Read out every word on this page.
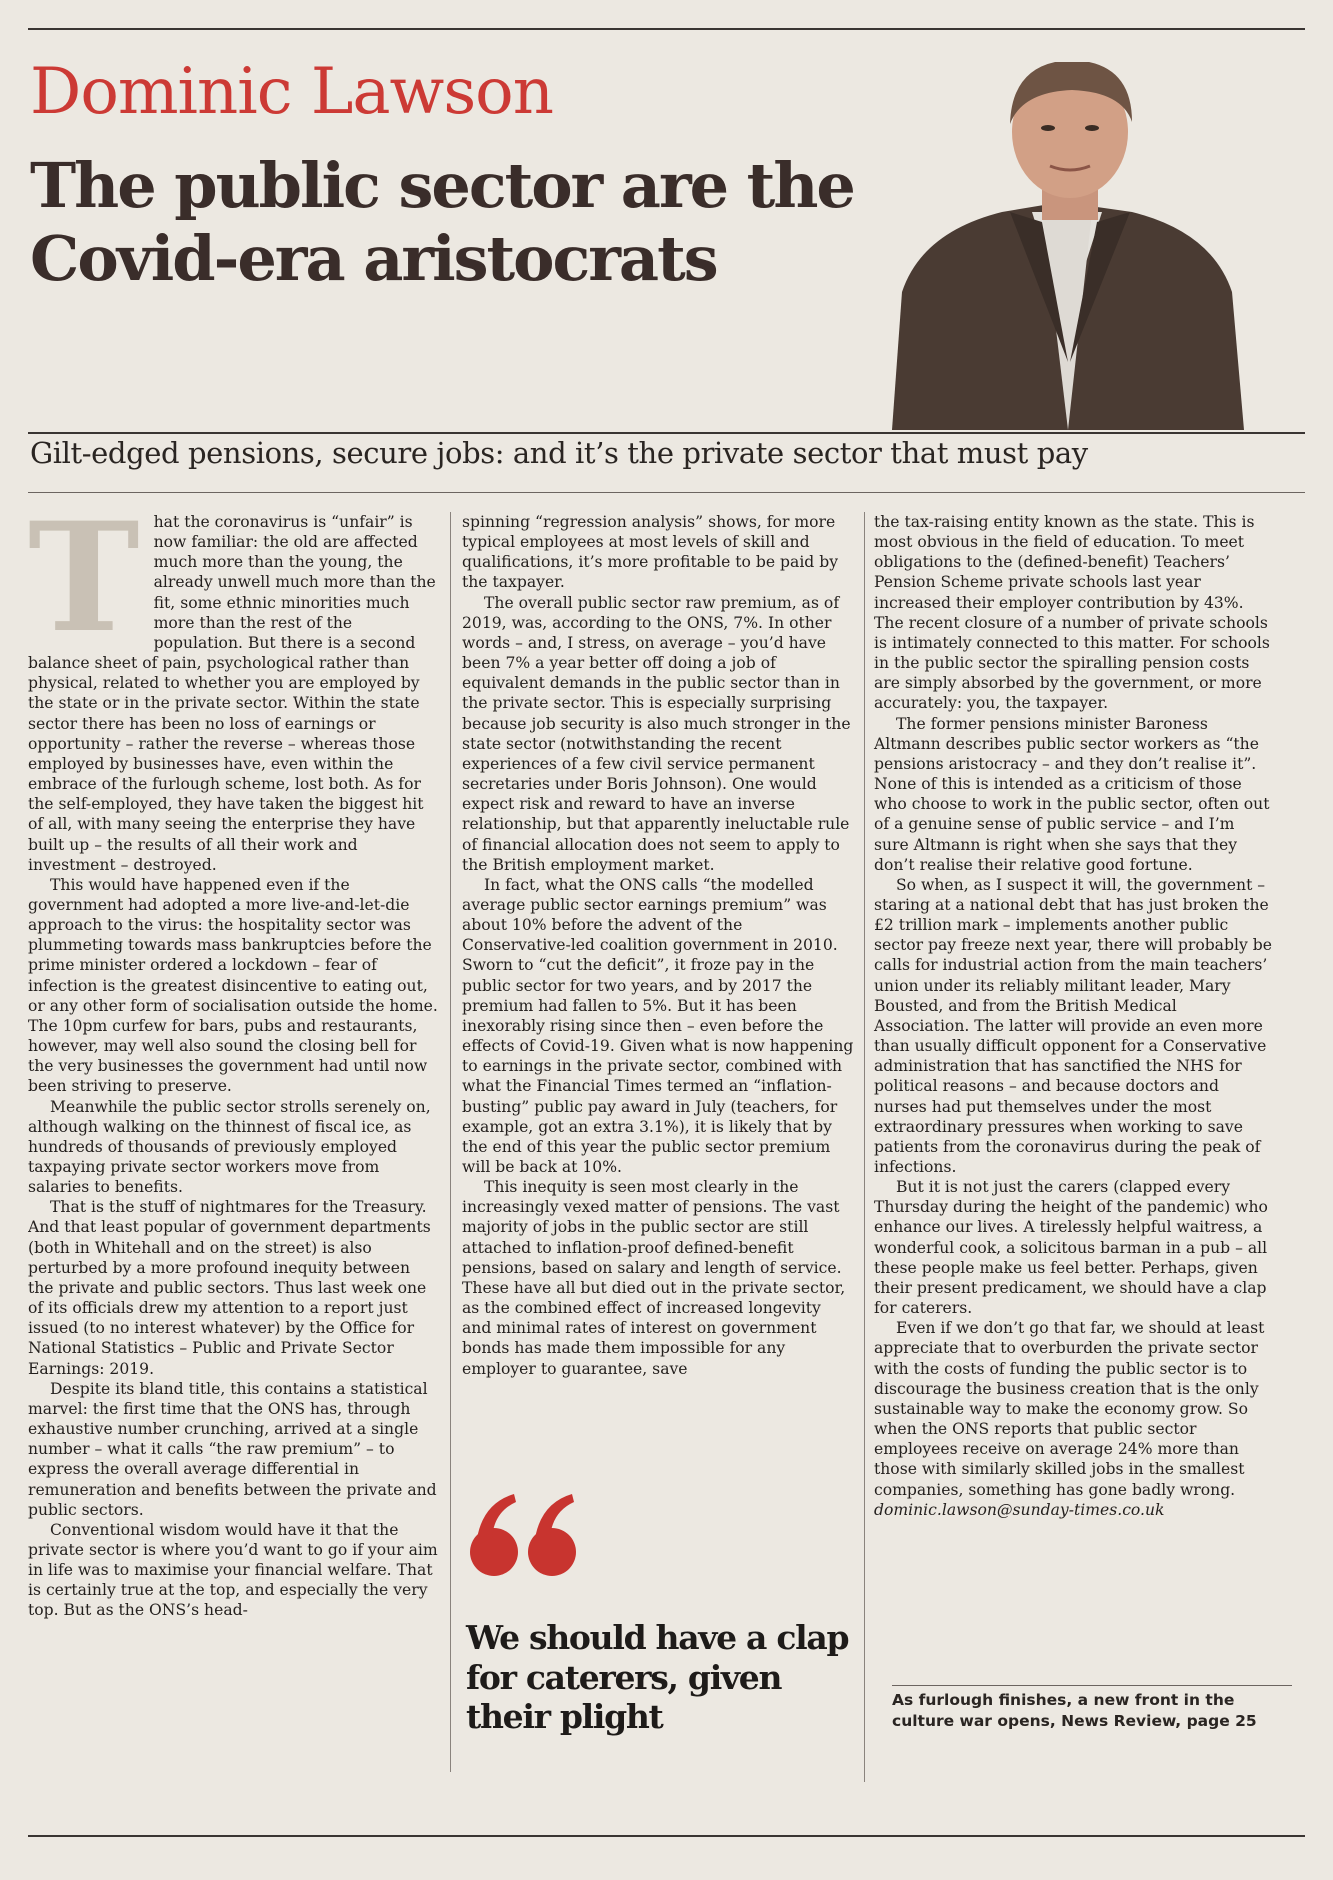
Dominic Lawson
The public sector are the
Covid-era aristocrats
Gilt-edged pensions, secure jobs: and it’s the private sector that must pay

That the coronavirus is “unfair” is now familiar: the old are affected much more than the young, the already unwell much more than the fit, some ethnic minorities much more than the rest of the population. But there is a second balance sheet of pain, psychological rather than physical, related to whether you are employed by the state or in the private sector. Within the state sector there has been no loss of earnings or opportunity – rather the reverse – whereas those employed by businesses have, even within the embrace of the furlough scheme, lost both. As for the self-employed, they have taken the biggest hit of all, with many seeing the enterprise they have built up – the results of all their work and investment – destroyed.

This would have happened even if the government had adopted a more live-and-let-die approach to the virus: the hospitality sector was plummeting towards mass bankruptcies before the prime minister ordered a lockdown – fear of infection is the greatest disincentive to eating out, or any other form of socialisation outside the home. The 10pm curfew for bars, pubs and restaurants, however, may well also sound the closing bell for the very businesses the government had until now been striving to preserve.

Meanwhile the public sector strolls serenely on, although walking on the thinnest of fiscal ice, as hundreds of thousands of previously employed taxpaying private sector workers move from salaries to benefits.

That is the stuff of nightmares for the Treasury. And that least popular of government departments (both in Whitehall and on the street) is also perturbed by a more profound inequity between the private and public sectors. Thus last week one of its officials drew my attention to a report just issued (to no interest whatever) by the Office for National Statistics – Public and Private Sector Earnings: 2019.

Despite its bland title, this contains a statistical marvel: the first time that the ONS has, through exhaustive number crunching, arrived at a single number – what it calls “the raw premium” – to express the overall average differential in remuneration and benefits between the private and public sectors.

Conventional wisdom would have it that the private sector is where you’d want to go if your aim in life was to maximise your financial welfare. That is certainly true at the top, and especially the very top. But as the ONS’s head-

spinning “regression analysis” shows, for more typical employees at most levels of skill and qualifications, it’s more profitable to be paid by the taxpayer.

The overall public sector raw premium, as of 2019, was, according to the ONS, 7%. In other words – and, I stress, on average – you’d have been 7% a year better off doing a job of equivalent demands in the public sector than in the private sector. This is especially surprising because job security is also much stronger in the state sector (notwithstanding the recent experiences of a few civil service permanent secretaries under Boris Johnson). One would expect risk and reward to have an inverse relationship, but that apparently ineluctable rule of financial allocation does not seem to apply to the British employment market.

In fact, what the ONS calls “the modelled average public sector earnings premium” was about 10% before the advent of the Conservative-led coalition government in 2010. Sworn to “cut the deficit”, it froze pay in the public sector for two years, and by 2017 the premium had fallen to 5%. But it has been inexorably rising since then – even before the effects of Covid-19. Given what is now happening to earnings in the private sector, combined with what the Financial Times termed an “inflation-busting” public pay award in July (teachers, for example, got an extra 3.1%), it is likely that by the end of this year the public sector premium will be back at 10%.

This inequity is seen most clearly in the increasingly vexed matter of pensions. The vast majority of jobs in the public sector are still attached to inflation-proof defined-benefit pensions, based on salary and length of service. These have all but died out in the private sector, as the combined effect of increased longevity and minimal rates of interest on government bonds has made them impossible for any employer to guarantee, save

We should have a clap for caterers, given their plight

the tax-raising entity known as the state. This is most obvious in the field of education. To meet obligations to the (defined-benefit) Teachers’ Pension Scheme private schools last year increased their employer contribution by 43%. The recent closure of a number of private schools is intimately connected to this matter. For schools in the public sector the spiralling pension costs are simply absorbed by the government, or more accurately: you, the taxpayer.

The former pensions minister Baroness Altmann describes public sector workers as “the pensions aristocracy – and they don’t realise it”. None of this is intended as a criticism of those who choose to work in the public sector, often out of a genuine sense of public service – and I’m sure Altmann is right when she says that they don’t realise their relative good fortune.

So when, as I suspect it will, the government – staring at a national debt that has just broken the £2 trillion mark – implements another public sector pay freeze next year, there will probably be calls for industrial action from the main teachers’ union under its reliably militant leader, Mary Bousted, and from the British Medical Association. The latter will provide an even more than usually difficult opponent for a Conservative administration that has sanctified the NHS for political reasons – and because doctors and nurses had put themselves under the most extraordinary pressures when working to save patients from the coronavirus during the peak of infections.

But it is not just the carers (clapped every Thursday during the height of the pandemic) who enhance our lives. A tirelessly helpful waitress, a wonderful cook, a solicitous barman in a pub – all these people make us feel better. Perhaps, given their present predicament, we should have a clap for caterers.

Even if we don’t go that far, we should at least appreciate that to overburden the private sector with the costs of funding the public sector is to discourage the business creation that is the only sustainable way to make the economy grow. So when the ONS reports that public sector employees receive on average 24% more than those with similarly skilled jobs in the smallest companies, something has gone badly wrong.

dominic.lawson@sunday-times.co.uk

As furlough finishes, a new front in the culture war opens, News Review, page 25
